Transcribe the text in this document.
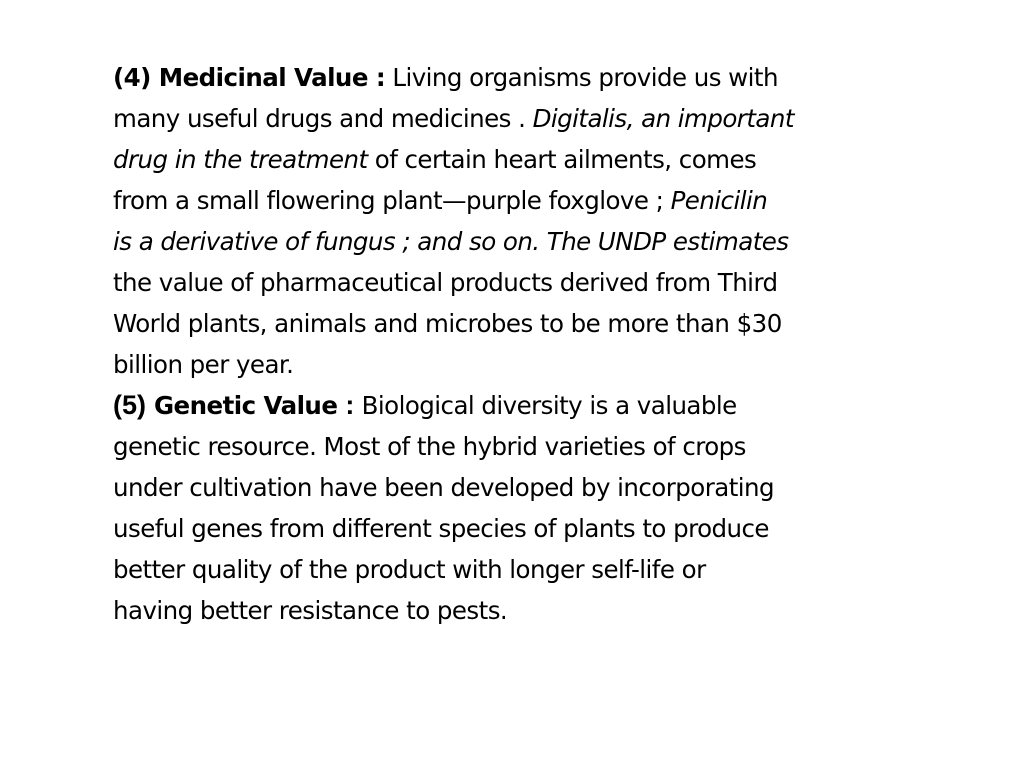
(4) Medicinal Value : Living organisms provide us with
many useful drugs and medicines . Digitalis, an important
drug in the treatment of certain heart ailments, comes
from a small flowering plant—purple foxglove ; Penicilin
is a derivative of fungus ; and so on. The UNDP estimates
the value of pharmaceutical products derived from Third
World plants, animals and microbes to be more than $30
billion per year.
(5) Genetic Value : Biological diversity is a valuable
genetic resource. Most of the hybrid varieties of crops
under cultivation have been developed by incorporating
useful genes from different species of plants to produce
better quality of the product with longer self-life or
having better resistance to pests.
